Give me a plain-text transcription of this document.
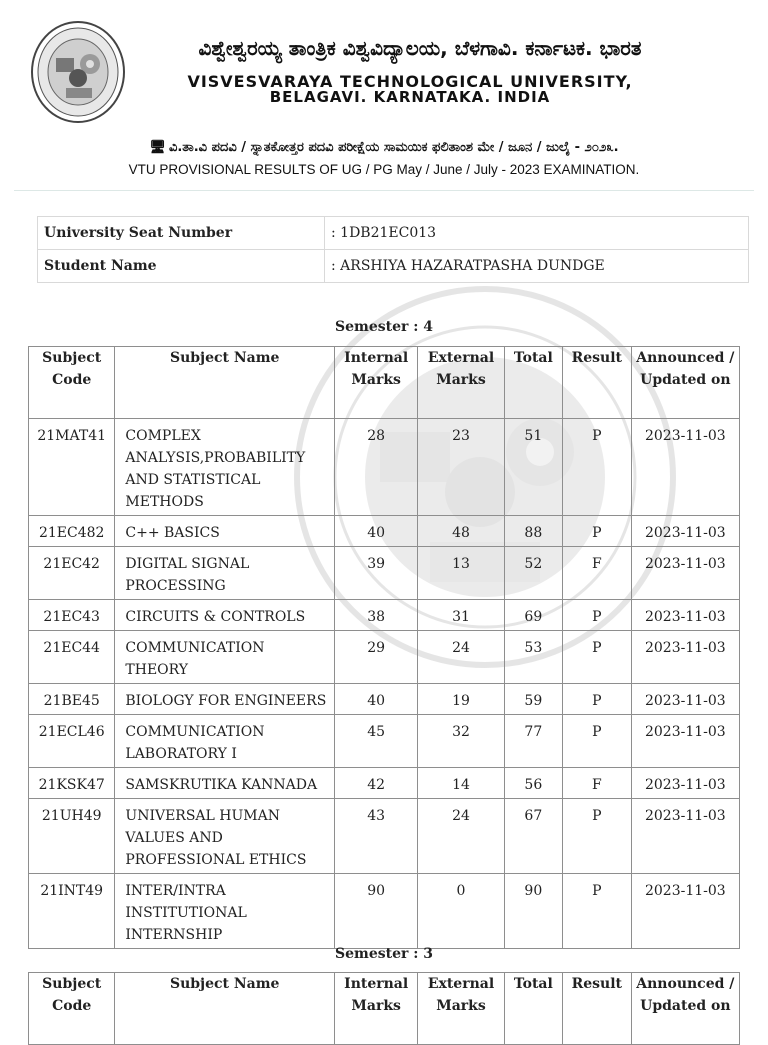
ವಿಶ್ವೇಶ್ವರಯ್ಯ ತಾಂತ್ರಿಕ ವಿಶ್ವವಿದ್ಯಾಲಯ, ಬೆಳಗಾವಿ. ಕರ್ನಾಟಕ. ಭಾರತ
VISVESVARAYA TECHNOLOGICAL UNIVERSITY,
BELAGAVI. KARNATAKA. INDIA
🖥 ವಿ.ತಾ.ವಿ ಪದವಿ / ಸ್ನಾತಕೋತ್ತರ ಪದವಿ ಪರೀಕ್ಷೆಯ ಸಾಮಯಿಕ ಫಲಿತಾಂಶ ಮೇ / ಜೂನ / ಜುಲೈ - ೨೦೨೩.
VTU PROVISIONAL RESULTS OF UG / PG May / June / July - 2023 EXAMINATION.
University Seat Number	: 1DB21EC013
Student Name	: ARSHIYA HAZARATPASHA DUNDGE
Semester : 4
Subject Code	Subject Name	Internal Marks	External Marks	Total	Result	Announced / Updated on
21MAT41	COMPLEX ANALYSIS,PROBABILITY AND STATISTICAL METHODS	28	23	51	P	2023-11-03
21EC482	C++ BASICS	40	48	88	P	2023-11-03
21EC42	DIGITAL SIGNAL PROCESSING	39	13	52	F	2023-11-03
21EC43	CIRCUITS & CONTROLS	38	31	69	P	2023-11-03
21EC44	COMMUNICATION THEORY	29	24	53	P	2023-11-03
21BE45	BIOLOGY FOR ENGINEERS	40	19	59	P	2023-11-03
21ECL46	COMMUNICATION LABORATORY I	45	32	77	P	2023-11-03
21KSK47	SAMSKRUTIKA KANNADA	42	14	56	F	2023-11-03
21UH49	UNIVERSAL HUMAN VALUES AND PROFESSIONAL ETHICS	43	24	67	P	2023-11-03
21INT49	INTER/INTRA INSTITUTIONAL INTERNSHIP	90	0	90	P	2023-11-03
Semester : 3
Subject Code	Subject Name	Internal Marks	External Marks	Total	Result	Announced / Updated on
